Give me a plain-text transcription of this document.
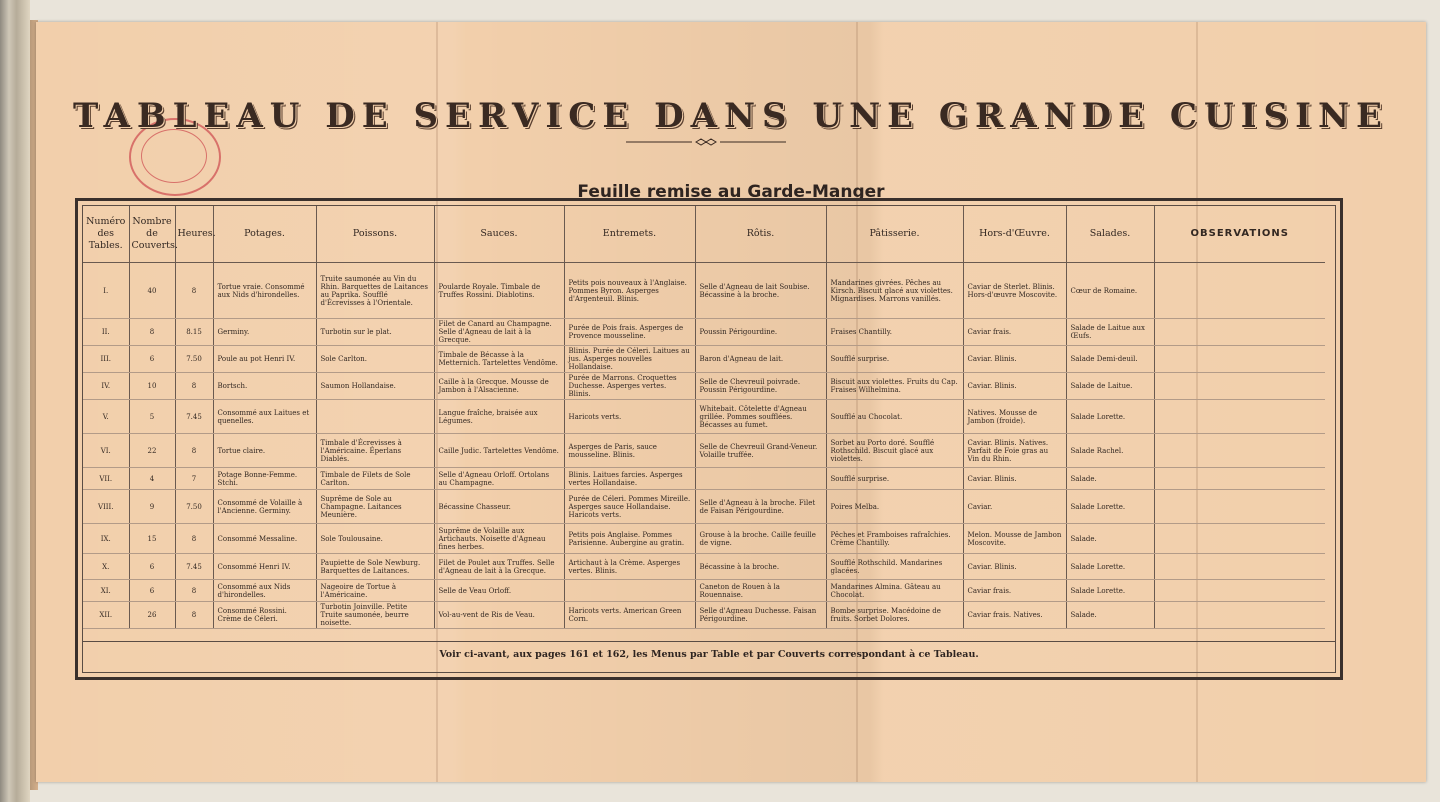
TABLEAU DE SERVICE DANS UNE GRANDE CUISINE
Feuille remise au Garde-Manger
Numéro des Tables.	Nombre de Couverts.	Heures.	Potages.	Poissons.	Sauces.	Entremets.	Rôtis.	Pâtisserie.	Hors-d'Œuvre.	Salades.	OBSERVATIONS
I.	40	8	Tortue vraie. Consommé aux Nids d'hirondelles.	Truite saumonée au Vin du Rhin. Barquettes de Laitances au Paprika. Soufflé d'Écrevisses à l'Orientale.	Poularde Royale. Timbale de Truffes Rossini. Diablotins.	Petits pois nouveaux à l'Anglaise. Pommes Byron. Asperges d'Argenteuil. Blinis.	Selle d'Agneau de lait Soubise. Bécassine à la broche.	Mandarines givrées. Pêches au Kirsch. Biscuit glacé aux violettes. Mignardises. Marrons vanillés.	Caviar de Sterlet. Blinis. Hors-d'œuvre Moscovite.	Cœur de Romaine.	
II.	8	8.15	Germiny.	Turbotin sur le plat.	Filet de Canard au Champagne. Selle d'Agneau de lait à la Grecque.	Purée de Pois frais. Asperges de Provence mousseline.	Poussin Périgourdine.	Fraises Chantilly.	Caviar frais.	Salade de Laitue aux Œufs.	
III.	6	7.50	Poule au pot Henri IV.	Sole Carlton.	Timbale de Bécasse à la Metternich. Tartelettes Vendôme.	Blinis. Purée de Céleri. Laitues au jus. Asperges nouvelles Hollandaise.	Baron d'Agneau de lait.	Soufflé surprise.	Caviar. Blinis.	Salade Demi-deuil.	
IV.	10	8	Bortsch.	Saumon Hollandaise.	Caille à la Grecque. Mousse de Jambon à l'Alsacienne.	Purée de Marrons. Croquettes Duchesse. Asperges vertes. Blinis.	Selle de Chevreuil poivrade. Poussin Périgourdine.	Biscuit aux violettes. Fruits du Cap. Fraises Wilhelmina.	Caviar. Blinis.	Salade de Laitue.	
V.	5	7.45	Consommé aux Laitues et quenelles.		Langue fraîche, braisée aux Légumes.	Haricots verts.	Whitebait. Côtelette d'Agneau grillée. Pommes soufflées. Bécasses au fumet.	Soufflé au Chocolat.	Natives. Mousse de Jambon (froide).	Salade Lorette.	
VI.	22	8	Tortue claire.	Timbale d'Écrevisses à l'Américaine. Éperlans Diablés.	Caille Judic. Tartelettes Vendôme.	Asperges de Paris, sauce mousseline. Blinis.	Selle de Chevreuil Grand-Veneur. Volaille truffée.	Sorbet au Porto doré. Soufflé Rothschild. Biscuit glacé aux violettes.	Caviar. Blinis. Natives. Parfait de Foie gras au Vin du Rhin.	Salade Rachel.	
VII.	4	7	Potage Bonne-Femme. Stchi.	Timbale de Filets de Sole Carlton.	Selle d'Agneau Orloff. Ortolans au Champagne.	Blinis. Laitues farcies. Asperges vertes Hollandaise.		Soufflé surprise.	Caviar. Blinis.	Salade.	
VIII.	9	7.50	Consommé de Volaille à l'Ancienne. Germiny.	Suprême de Sole au Champagne. Laitances Meunière.	Bécassine Chasseur.	Purée de Céleri. Pommes Mireille. Asperges sauce Hollandaise. Haricots verts.	Selle d'Agneau à la broche. Filet de Faisan Périgourdine.	Poires Melba.	Caviar.	Salade Lorette.	
IX.	15	8	Consommé Messaline.	Sole Toulousaine.	Suprême de Volaille aux Artichauts. Noisette d'Agneau fines herbes.	Petits pois Anglaise. Pommes Parisienne. Aubergine au gratin.	Grouse à la broche. Caille feuille de vigne.	Pêches et Framboises rafraîchies. Crème Chantilly.	Melon. Mousse de Jambon Moscovite.	Salade.	
X.	6	7.45	Consommé Henri IV.	Paupiette de Sole Newburg. Barquettes de Laitances.	Filet de Poulet aux Truffes. Selle d'Agneau de lait à la Grecque.	Artichaut à la Crème. Asperges vertes. Blinis.	Bécassine à la broche.	Soufflé Rothschild. Mandarines glacées.	Caviar. Blinis.	Salade Lorette.	
XI.	6	8	Consommé aux Nids d'hirondelles.	Nageoire de Tortue à l'Américaine.	Selle de Veau Orloff.		Caneton de Rouen à la Rouennaise.	Mandarines Almina. Gâteau au Chocolat.	Caviar frais.	Salade Lorette.	
XII.	26	8	Consommé Rossini. Crème de Céleri.	Turbotin Joinville. Petite Truite saumonée, beurre noisette.	Vol-au-vent de Ris de Veau.	Haricots verts. American Green Corn.	Selle d'Agneau Duchesse. Faisan Périgourdine.	Bombe surprise. Macédoine de fruits. Sorbet Dolores.	Caviar frais. Natives.	Salade.	
Voir ci-avant, aux pages 161 et 162, les Menus par Table et par Couverts correspondant à ce Tableau.
